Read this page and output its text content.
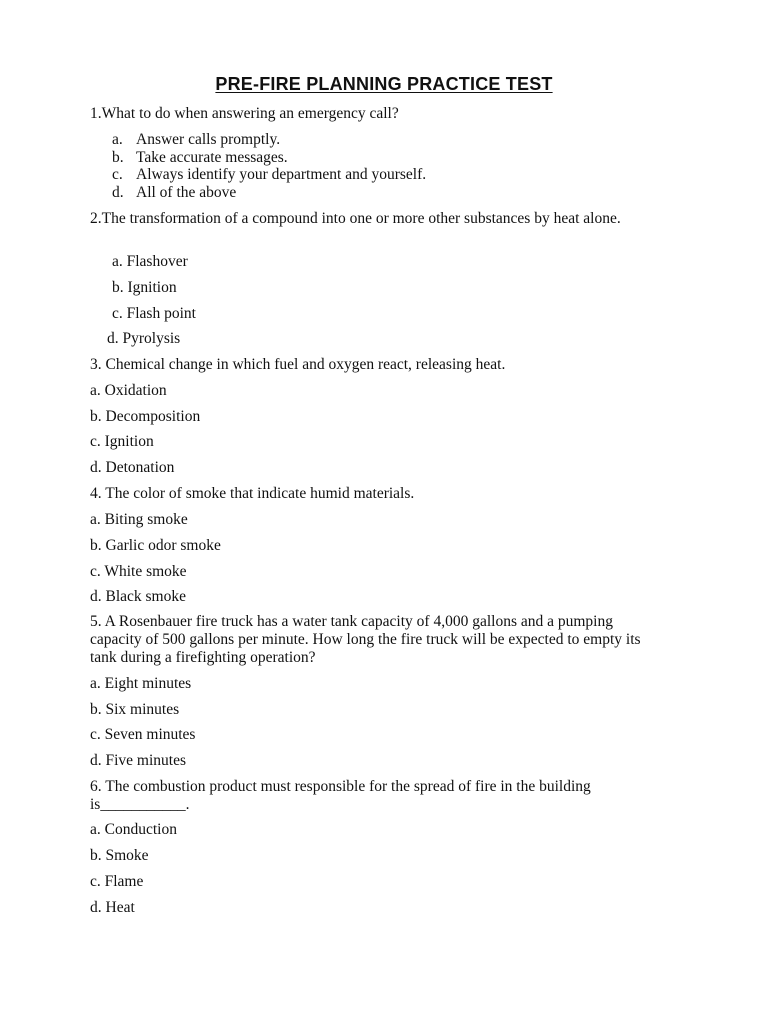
PRE-FIRE PLANNING PRACTICE TEST
1.What to do when answering an emergency call?
a. Answer calls promptly.
b. Take accurate messages.
c. Always identify your department and yourself.
d. All of the above
2.The transformation of a compound into one or more other substances by heat alone.
a. Flashover
b. Ignition
c. Flash point
d. Pyrolysis
3. Chemical change in which fuel and oxygen react, releasing heat.
a. Oxidation
b. Decomposition
c. Ignition
d. Detonation
4. The color of smoke that indicate humid materials.
a. Biting smoke
b. Garlic odor smoke
c. White smoke
d. Black smoke
5. A Rosenbauer fire truck has a water tank capacity of 4,000 gallons and a pumping capacity of 500 gallons per minute. How long the fire truck will be expected to empty its tank during a firefighting operation?
a. Eight minutes
b. Six minutes
c. Seven minutes
d. Five minutes
6. The combustion product must responsible for the spread of fire in the building is___________.
a. Conduction
b. Smoke
c. Flame
d. Heat
